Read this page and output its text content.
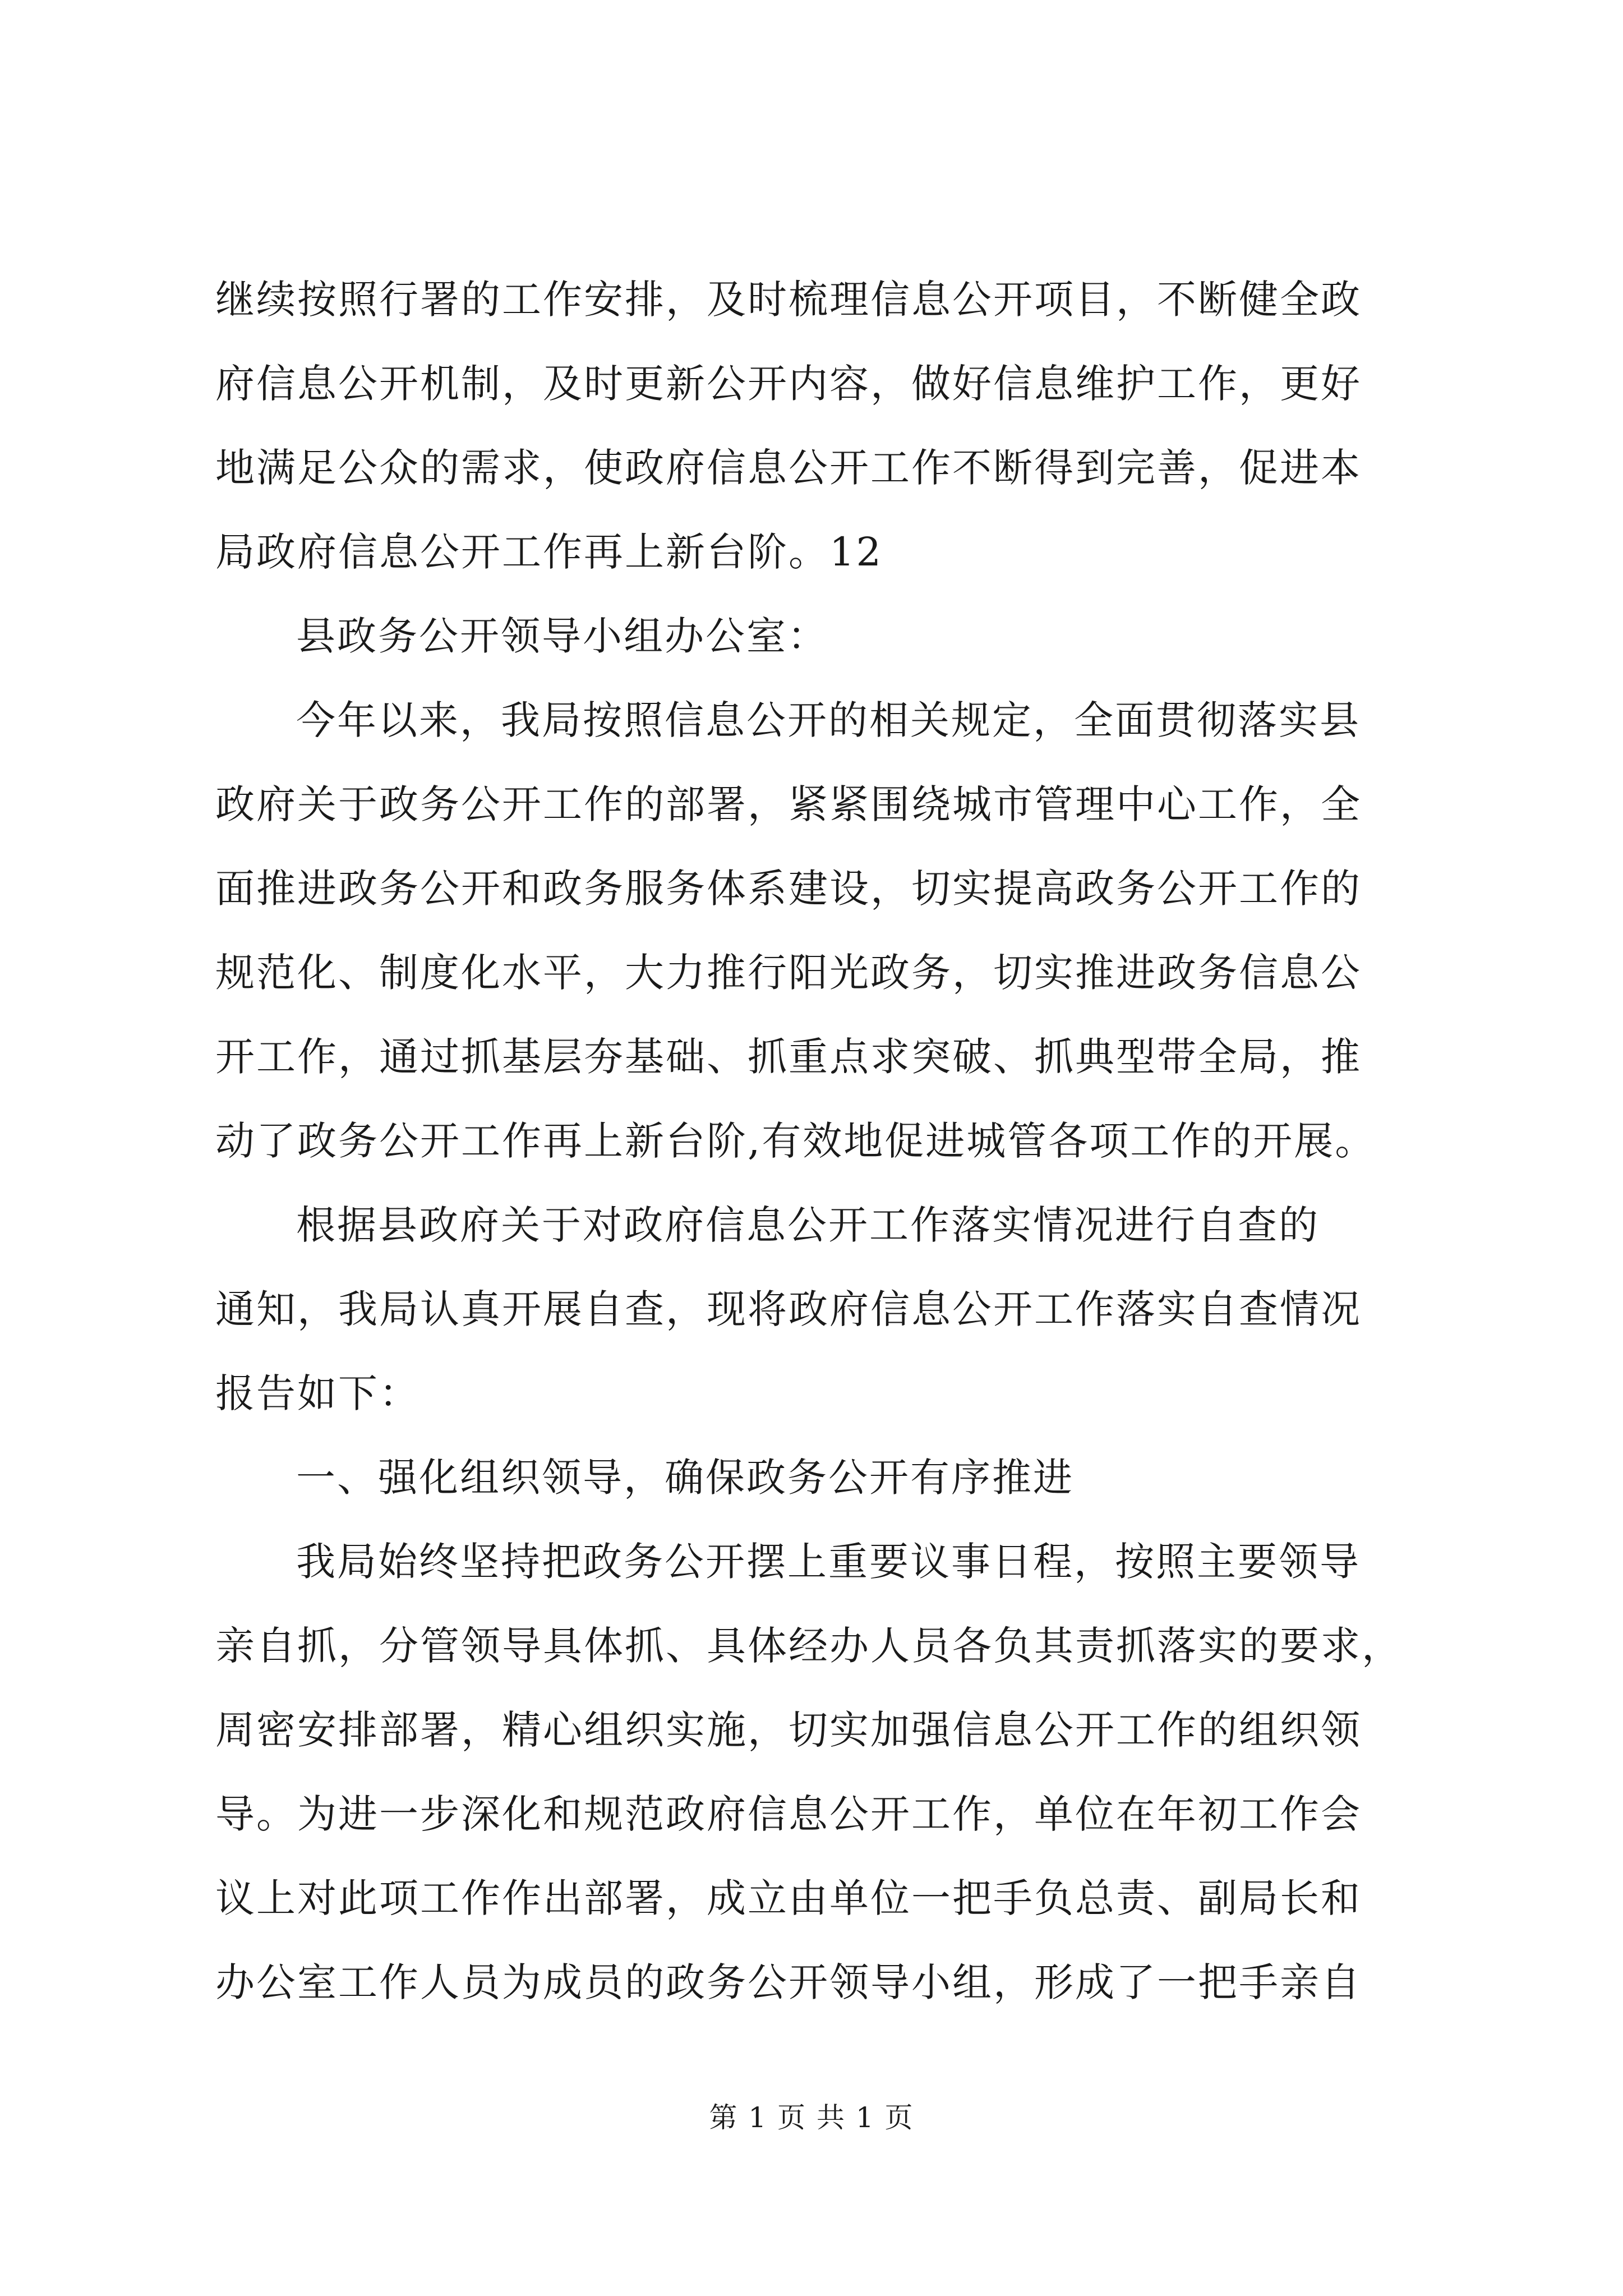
继续按照行署的工作安排，及时梳理信息公开项目，不断健全政
府信息公开机制，及时更新公开内容，做好信息维护工作，更好
地满足公众的需求，使政府信息公开工作不断得到完善，促进本
局政府信息公开工作再上新台阶。12
县政务公开领导小组办公室：
今年以来，我局按照信息公开的相关规定，全面贯彻落实县
政府关于政务公开工作的部署，紧紧围绕城市管理中心工作，全
面推进政务公开和政务服务体系建设，切实提高政务公开工作的
规范化、制度化水平，大力推行阳光政务，切实推进政务信息公
开工作，通过抓基层夯基础、抓重点求突破、抓典型带全局，推
动了政务公开工作再上新台阶,有效地促进城管各项工作的开展。
根据县政府关于对政府信息公开工作落实情况进行自查的
通知，我局认真开展自查，现将政府信息公开工作落实自查情况
报告如下：
一、强化组织领导，确保政务公开有序推进
我局始终坚持把政务公开摆上重要议事日程，按照主要领导
亲自抓，分管领导具体抓、具体经办人员各负其责抓落实的要求，
周密安排部署，精心组织实施，切实加强信息公开工作的组织领
导。为进一步深化和规范政府信息公开工作，单位在年初工作会
议上对此项工作作出部署，成立由单位一把手负总责、副局长和
办公室工作人员为成员的政务公开领导小组，形成了一把手亲自
第 1 页 共 1 页
